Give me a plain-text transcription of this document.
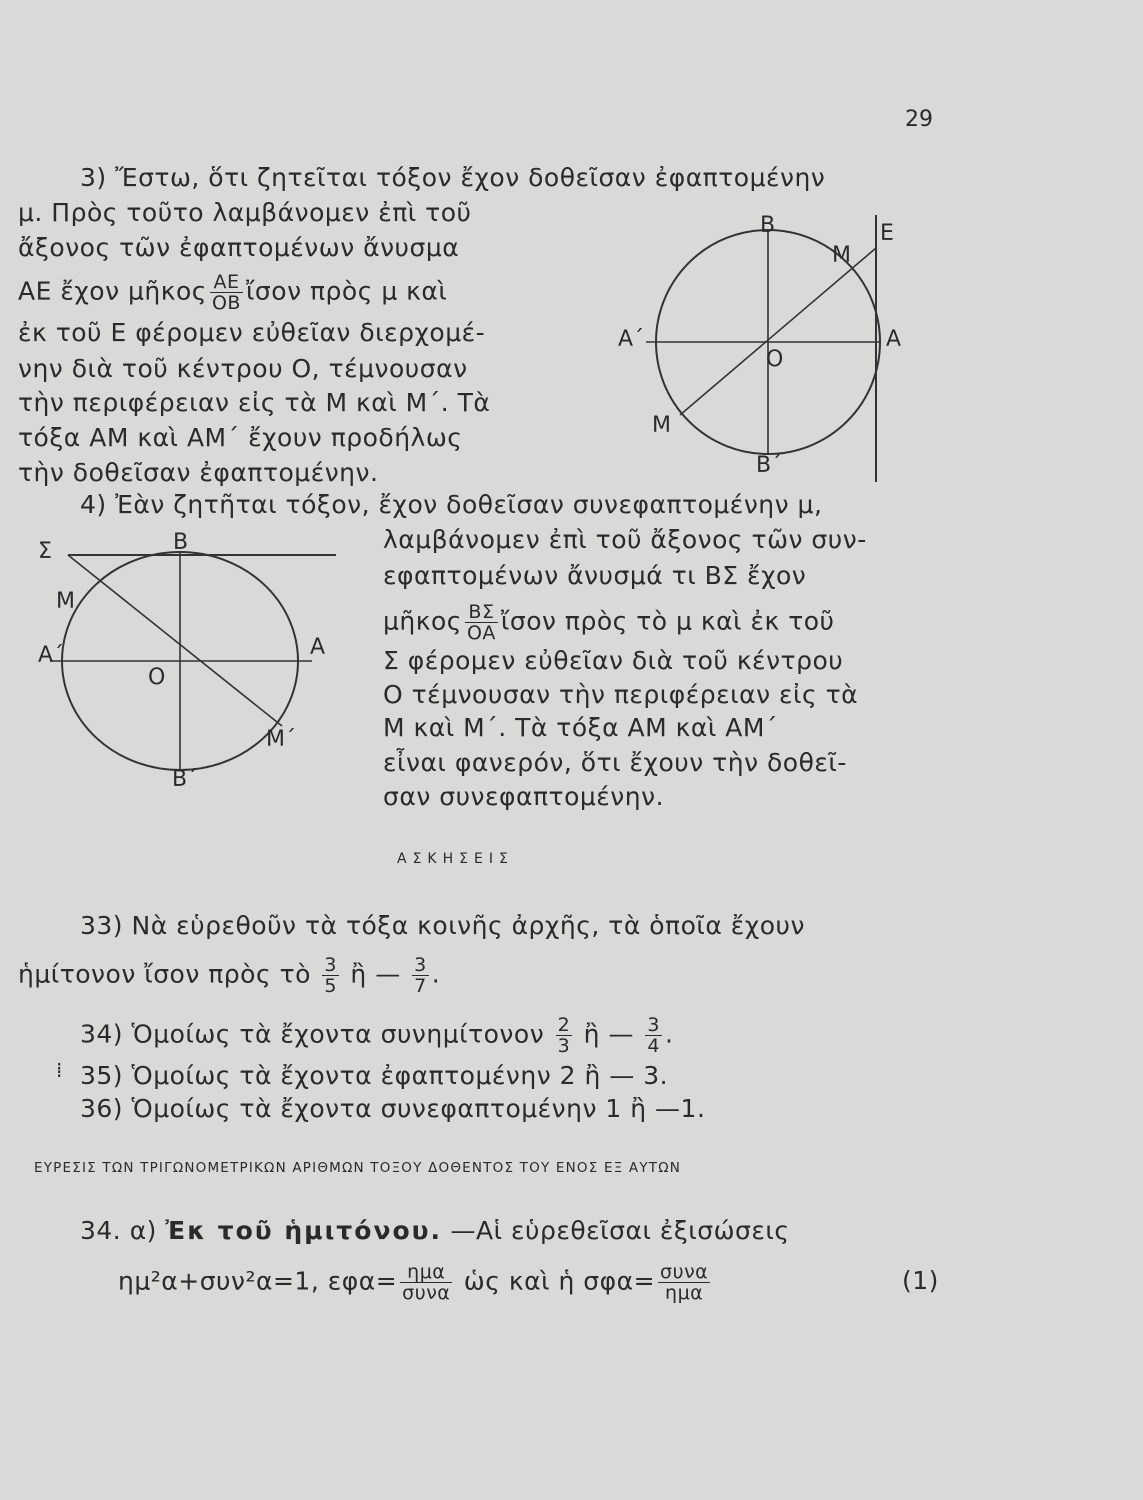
29
3) Ἔστω, ὅτι ζητεῖται τόξον ἔχον δοθεῖσαν ἐφαπτομένην
μ. Πρὸς τοῦτο λαμβάνομεν ἐπὶ τοῦ
ἄξονος τῶν ἐφαπτομένων ἄνυσμα
ΑΕ ἔχον μῆκος $\frac{AE}{OB}$ ἴσον πρὸς μ καὶ
ἐκ τοῦ Ε φέρομεν εὐθεῖαν διερχομέ-
νην διὰ τοῦ κέντρου Ο, τέμνουσαν
τὴν περιφέρειαν εἰς τὰ Μ καὶ Μ΄. Τὰ
τόξα ΑΜ καὶ ΑΜ΄ ἔχουν προδήλως
τὴν δοθεῖσαν ἐφαπτομένην.
Β
Μ
Ε
Α΄	Α
Ο
Μ
Β΄
4) Ἐὰν ζητῆται τόξον, ἔχον δοθεῖσαν συνεφαπτομένην μ,
λαμβάνομεν ἐπὶ τοῦ ἄξονος τῶν συν-
εφαπτομένων ἄνυσμά τι ΒΣ ἔχον
μῆκος $\frac{B\Sigma}{OA}$ ἴσον πρὸς τὸ μ καὶ ἐκ τοῦ
Σ φέρομεν εὐθεῖαν διὰ τοῦ κέντρου
Ο τέμνουσαν τὴν περιφέρειαν εἰς τὰ
Μ καὶ Μ΄. Τὰ τόξα ΑΜ καὶ ΑΜ΄
εἶναι φανερόν, ὅτι ἔχουν τὴν δοθεῖ-
σαν συνεφαπτομένην.
Σ	Β
Μ
Α΄	Α
Ο
Μ΄
Β΄
ΑΣΚΗΣΕΙΣ
33) Νὰ εὑρεθοῦν τὰ τόξα κοινῆς ἀρχῆς, τὰ ὁποῖα ἔχουν
ἡμίτονον ἴσον πρὸς τὸ $\frac{3}{5}$ ἢ — $\frac{3}{7}$ .
34) Ὁμοίως τὰ ἔχοντα συνημίτονον $\frac{2}{3}$ ἢ — $\frac{3}{4}$ .
⁞ 35) Ὁμοίως τὰ ἔχοντα ἐφαπτομένην 2 ἢ — 3.
36) Ὁμοίως τὰ ἔχοντα συνεφαπτομένην 1 ἢ —1.
ΕΥΡΕΣΙΣ ΤΩΝ ΤΡΙΓΩΝΟΜΕΤΡΙΚΩΝ ΑΡΙΘΜΩΝ ΤΟΞΟΥ ΔΟΘΕΝΤΟΣ ΤΟΥ ΕΝΟΣ ΕΞ ΑΥΤΩΝ
34. α) Ἐκ τοῦ ἡμιτόνου. —Αἱ εὑρεθεῖσαι ἐξισώσεις
ημ²α+συν²α=1, $\varepsilon\varphi\alpha= \frac{\text{ημα}}{\text{συνα}}$ ὡς καὶ ἡ $\sigma\varphi\alpha= \frac{\text{συνα}}{\text{ημα}}$	(1)
